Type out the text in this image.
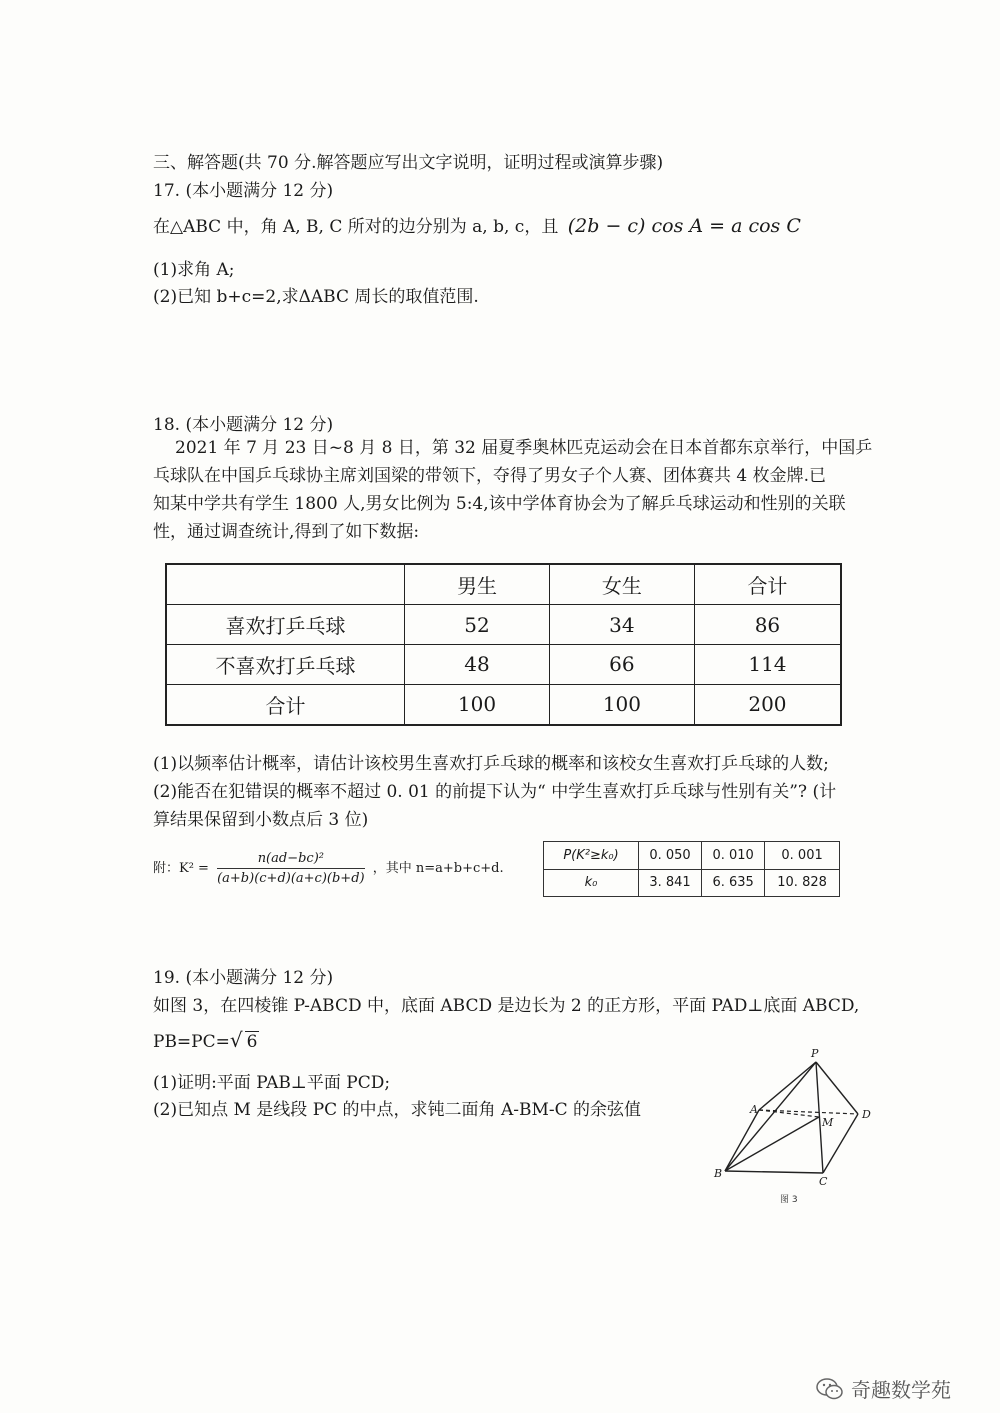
三、解答题(共 70 分.解答题应写出文字说明，证明过程或演算步骤)
17. (本小题满分 12 分)
在△ABC 中，角 A, B, C 所对的边分别为 a, b, c，且 (2b − c) cos A = a cos C
(1)求角 A;
(2)已知 b+c=2,求ΔABC 周长的取值范围.
18. (本小题满分 12 分)
2021 年 7 月 23 日~8 月 8 日，第 32 届夏季奥林匹克运动会在日本首都东京举行，中国乒
乓球队在中国乒乓球协主席刘国梁的带领下，夺得了男女子个人赛、团体赛共 4 枚金牌.已
知某中学共有学生 1800 人,男女比例为 5:4,该中学体育协会为了解乒乓球运动和性别的关联
性，通过调查统计,得到了如下数据:
	男生	女生	合计
喜欢打乒乓球	52	34	86
不喜欢打乒乓球	48	66	114
合计	100	100	200
(1)以频率估计概率，请估计该校男生喜欢打乒乓球的概率和该校女生喜欢打乒乓球的人数;
(2)能否在犯错误的概率不超过 0. 01 的前提下认为“ 中学生喜欢打乒乓球与性别有关”? (计
算结果保留到小数点后 3 位)
附：$K^2 = \frac{\text{n(ad−bc)²}}{(a+b)(c+d)(a+c)(b+d)}$ ，其中 n=a+b+c+d.
P(K²≥k₀)	0. 050	0. 010	0. 001
k₀	3. 841	6. 635	10. 828
19. (本小题满分 12 分)
如图 3，在四棱锥 P-ABCD 中，底面 ABCD 是边长为 2 的正方形，平面 PAD⊥底面 ABCD,
PB=PC=√ 6
(1)证明:平面 PAB⊥平面 PCD;
(2)已知点 M 是线段 PC 的中点，求钝二面角 A-BM-C 的余弦值
P
A
B
C
D
M
图 3
奇趣数学苑
